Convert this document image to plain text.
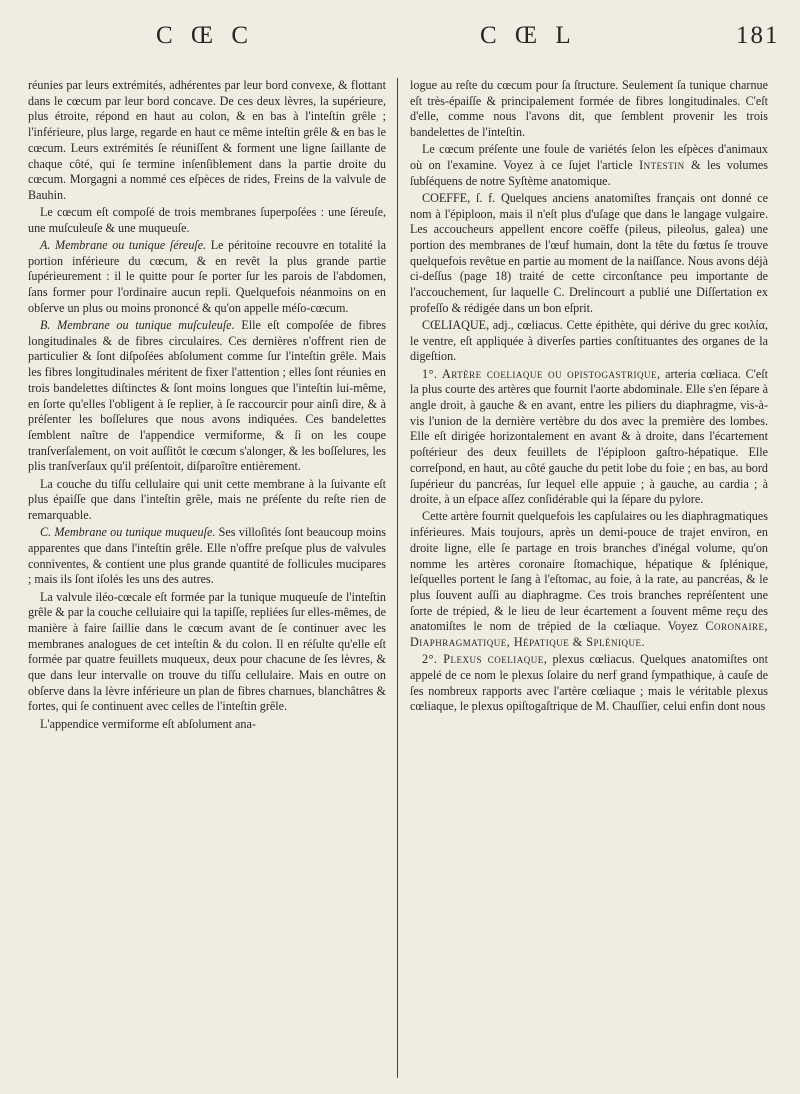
C Œ C	C Œ L	181

réunies par leurs extrémités, adhérentes par leur bord convexe, & flottant dans le cœcum par leur bord concave. De ces deux lèvres, la supérieure, plus étroite, répond en haut au colon, & en bas à l'inteſtin grêle ; l'inférieure, plus large, regarde en haut ce même inteſtin grêle & en bas le cœcum. Leurs extrémités ſe réuniſſent & forment une ligne ſaillante de chaque côté, qui ſe termine inſenſiblement dans la partie droite du cœcum. Morgagni a nommé ces eſpèces de rides, Freins de la valvule de Bauhin.

Le cœcum eſt compoſé de trois membranes ſuperpoſées : une ſéreuſe, une muſculeuſe & une muqueuſe.

A. Membrane ou tunique ſéreuſe. Le péritoine recouvre en totalité la portion inférieure du cœcum, & en revêt la plus grande partie ſupérieurement : il le quitte pour ſe porter ſur les parois de l'abdomen, ſans former pour l'ordinaire aucun repli. Quelquefois néanmoins on en obſerve un plus ou moins prononcé & qu'on appelle méſo-cœcum.

B. Membrane ou tunique muſculeuſe. Elle eſt compoſée de fibres longitudinales & de fibres circulaires. Ces dernières n'offrent rien de particulier & ſont diſpoſées abſolument comme ſur l'inteſtin grêle. Mais les fibres longitudinales méritent de fixer l'attention ; elles ſont réunies en trois bandelettes diſtinctes & ſont moins longues que l'inteſtin lui-même, en ſorte qu'elles l'obligent à ſe replier, à ſe raccourcir pour ainſi dire, & à préſenter les boſſelures que nous avons indiquées. Ces bandelettes ſemblent naître de l'appendice vermiforme, & ſi on les coupe tranſverſalement, on voit auſſitôt le cœcum s'alonger, & les boſſelures, les plis tranſverſaux qu'il préſentoit, diſparoître entièrement.

La couche du tiſſu cellulaire qui unit cette membrane à la ſuivante eſt plus épaiſſe que dans l'inteſtin grêle, mais ne préſente du reſte rien de remarquable.

C. Membrane ou tunique muqueuſe. Ses villoſités ſont beaucoup moins apparentes que dans l'inteſtin grêle. Elle n'offre preſque plus de valvules conniventes, & contient une plus grande quantité de follicules mucipares ; mais ils ſont iſolés les uns des autres.

La valvule iléo-cœcale eſt formée par la tunique muqueuſe de l'inteſtin grêle & par la couche celluiaire qui la tapiſſe, repliées ſur elles-mêmes, de manière à faire ſaillie dans le cœcum avant de ſe continuer avec les membranes analogues de cet inteſtin & du colon. Il en réſulte qu'elle eſt formée par quatre feuillets muqueux, deux pour chacune de ſes lèvres, & que dans leur intervalle on trouve du tiſſu cellulaire. Mais en outre on obſerve dans la lèvre inférieure un plan de fibres charnues, blanchâtres & fortes, qui ſe continuent avec celles de l'inteſtin grêle.

L'appendice vermiforme eſt abſolument ana-

logue au reſte du cœcum pour ſa ſtructure. Seulement ſa tunique charnue eſt très-épaiſſe & principalement formée de fibres longitudinales. C'eſt d'elle, comme nous l'avons dit, que ſemblent provenir les trois bandelettes de l'inteſtin.

Le cœcum préſente une foule de variétés ſelon les eſpèces d'animaux où on l'examine. Voyez à ce ſujet l'article Intestin & les volumes ſubſéquens de notre Syſtème anatomique.

COEFFE, ſ. f. Quelques anciens anatomiſtes français ont donné ce nom à l'épiploon, mais il n'eſt plus d'uſage que dans le langage vulgaire. Les accoucheurs appellent encore coëffe (pileus, pileolus, galea) une portion des membranes de l'œuf humain, dont la tête du fœtus ſe trouve quelquefois revêtue en partie au moment de la naiſſance. Nous avons déjà ci-deſſus (page 18) traité de cette circonſtance peu importante de l'accouchement, ſur laquelle C. Drelincourt a publié une Diſſertation ex profeſſo & rédigée dans un bon eſprit.

CŒLIAQUE, adj., cœliacus. Cette épithète, qui dérive du grec κοιλία, le ventre, eſt appliquée à diverſes parties conſtituantes des organes de la digeſtion.

1°. Artère coeliaque ou opistogastrique, arteria cœliaca. C'eſt la plus courte des artères que fournit l'aorte abdominale. Elle s'en ſépare à angle droit, à gauche & en avant, entre les piliers du diaphragme, vis-à-vis l'union de la dernière vertèbre du dos avec la première des lombes. Elle eſt dirigée horizontalement en avant & à droite, dans l'écartement poſtérieur des deux feuillets de l'épiploon gaſtro-hépatique. Elle correſpond, en haut, au côté gauche du petit lobe du foie ; en bas, au bord ſupérieur du pancréas, ſur lequel elle appuie ; à gauche, au cardia ; à droite, à un eſpace aſſez conſidérable qui la ſépare du pylore.

Cette artère fournit quelquefois les capſulaires ou les diaphragmatiques inférieures. Mais toujours, après un demi-pouce de trajet environ, en droite ligne, elle ſe partage en trois branches d'inégal volume, qu'on nomme les artères coronaire ſtomachique, hépatique & ſplénique, leſquelles portent le ſang à l'eſtomac, au foie, à la rate, au pancréas, & le plus ſouvent auſſi au diaphragme. Ces trois branches repréſentent une ſorte de trépied, & le lieu de leur écartement a ſouvent même reçu des anatomiſtes le nom de trépied de la cœliaque. Voyez Coronaire, Diaphragmatique, Hépatique & Splénique.

2°. Plexus coeliaque, plexus cœliacus. Quelques anatomiſtes ont appelé de ce nom le plexus ſolaire du nerf grand ſympathique, à cauſe de ſes nombreux rapports avec l'artère cœliaque ; mais le véritable plexus cœliaque, le plexus opiſtogaſtrique de M. Chauſſier, celui enfin dont nous
